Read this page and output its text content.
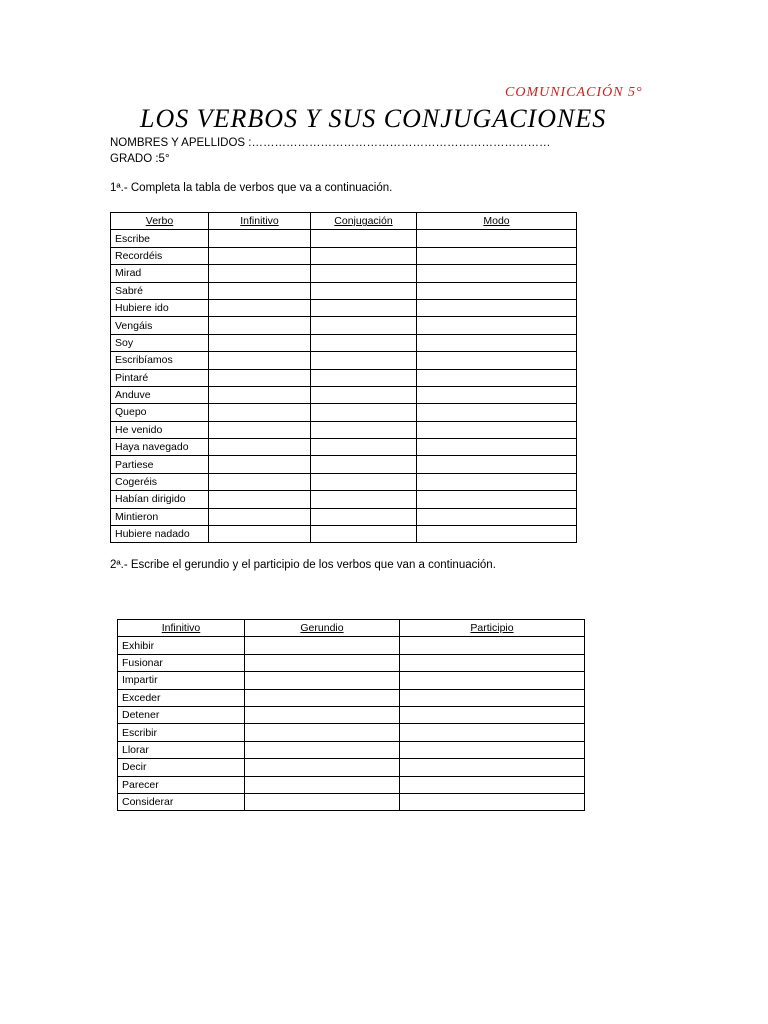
COMUNICACIÓN 5°
LOS VERBOS Y SUS CONJUGACIONES
NOMBRES Y APELLIDOS :……………………………………………………………………
GRADO :5°
1ª.- Completa la tabla de verbos que va a continuación.
Verbo	Infinitivo	Conjugación	Modo
Escribe			
Recordéis			
Mirad			
Sabré			
Hubiere ido			
Vengáis			
Soy			
Escribíamos			
Pintaré			
Anduve			
Quepo			
He venido			
Haya navegado			
Partiese			
Cogeréis			
Habían dirigido			
Mintieron			
Hubiere nadado			
2ª.- Escribe el gerundio y el participio de los verbos que van a continuación.
Infinitivo	Gerundio	Participio
Exhibir		
Fusionar		
Impartir		
Exceder		
Detener		
Escribir		
Llorar		
Decir		
Parecer		
Considerar		
